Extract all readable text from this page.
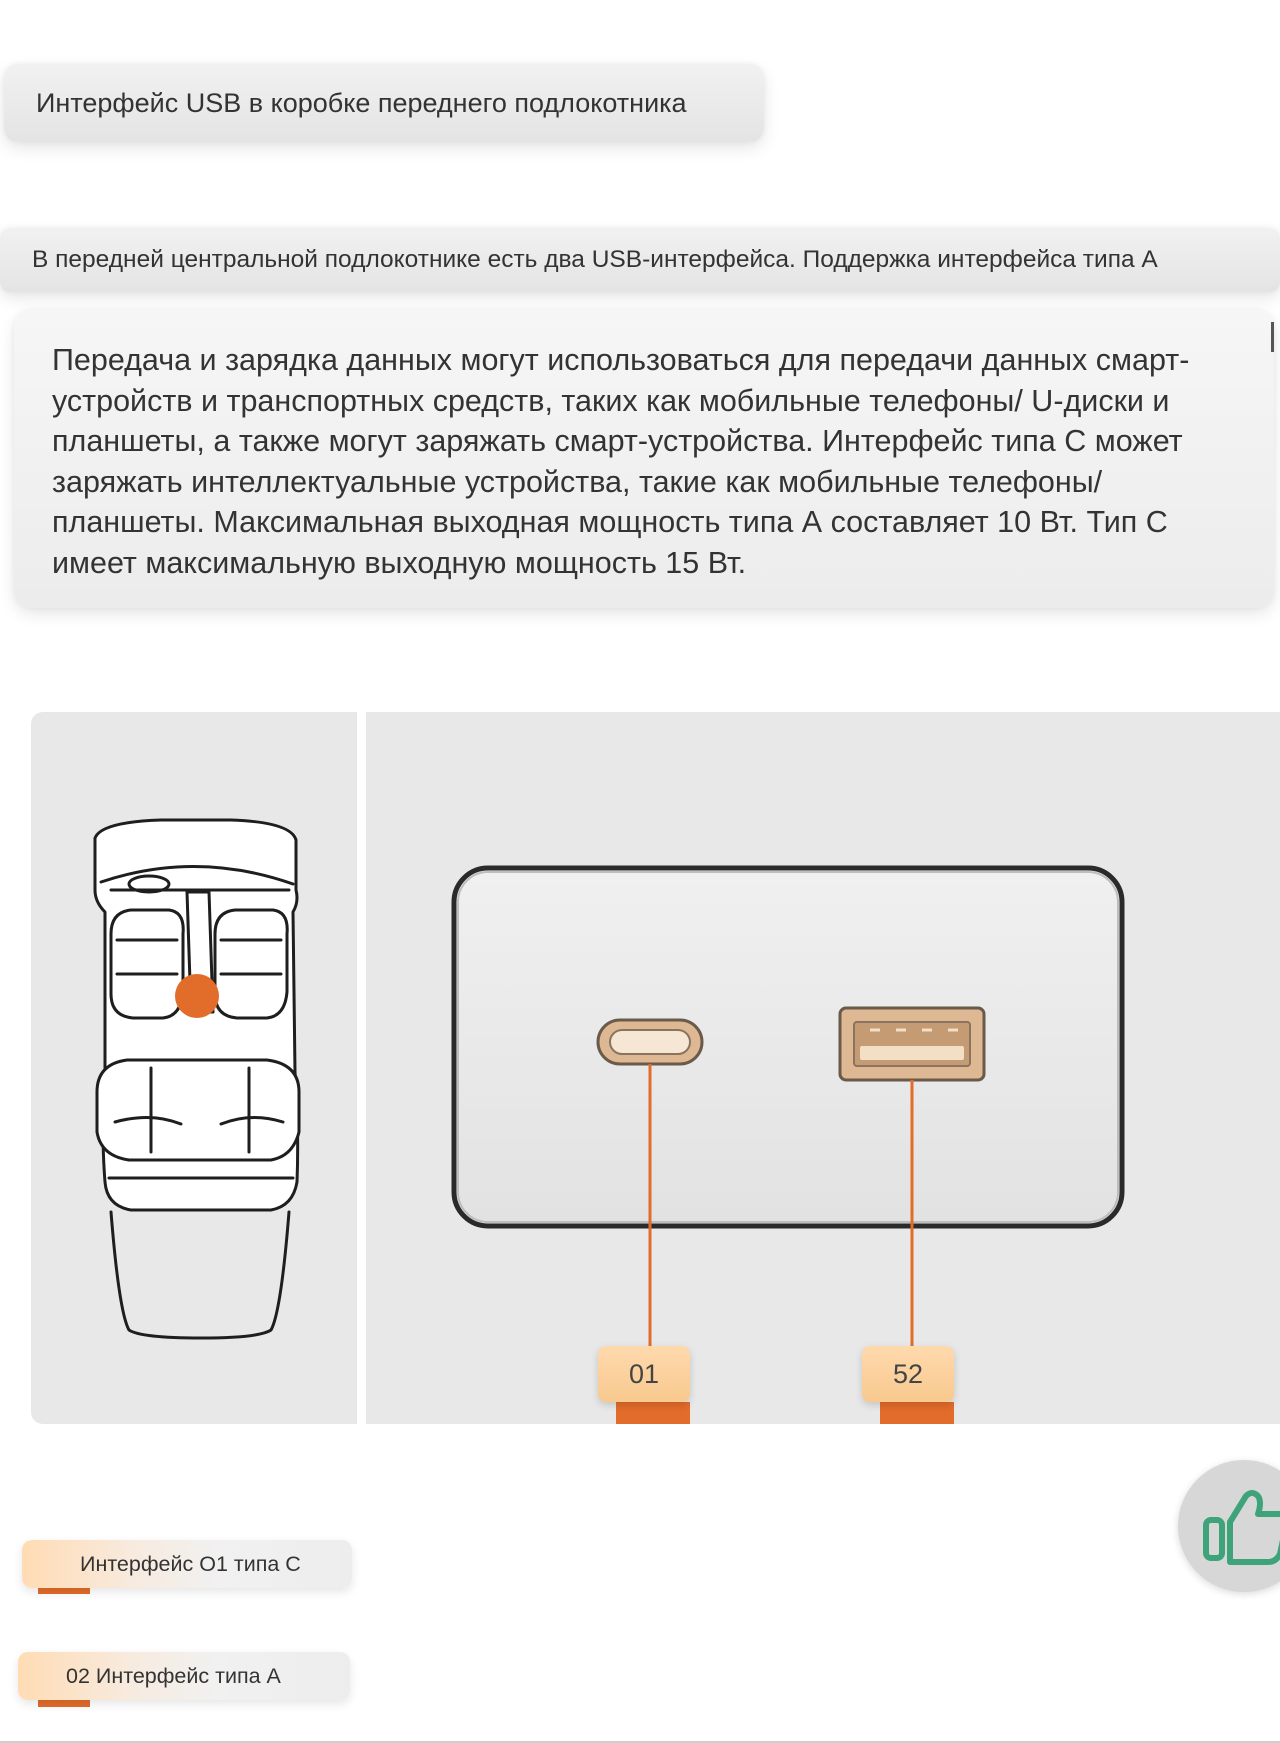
Интерфейс USB в коробке переднего подлокотника
В передней центральной подлокотнике есть два USB-интерфейса. Поддержка интерфейса типа А
Передача и зарядка данных могут использоваться для передачи данных смарт-устройств и транспортных средств, таких как мобильные телефоны/ U-диски и планшеты, а также могут заряжать смарт-устройства. Интерфейс типа С может заряжать интеллектуальные устройства, такие как мобильные телефоны/планшеты. Максимальная выходная мощность типа А составляет 10 Вт. Тип С имеет максимальную выходную мощность 15 Вт.
01	52
Интерфейс О1 типа С
02 Интерфейс типа А
